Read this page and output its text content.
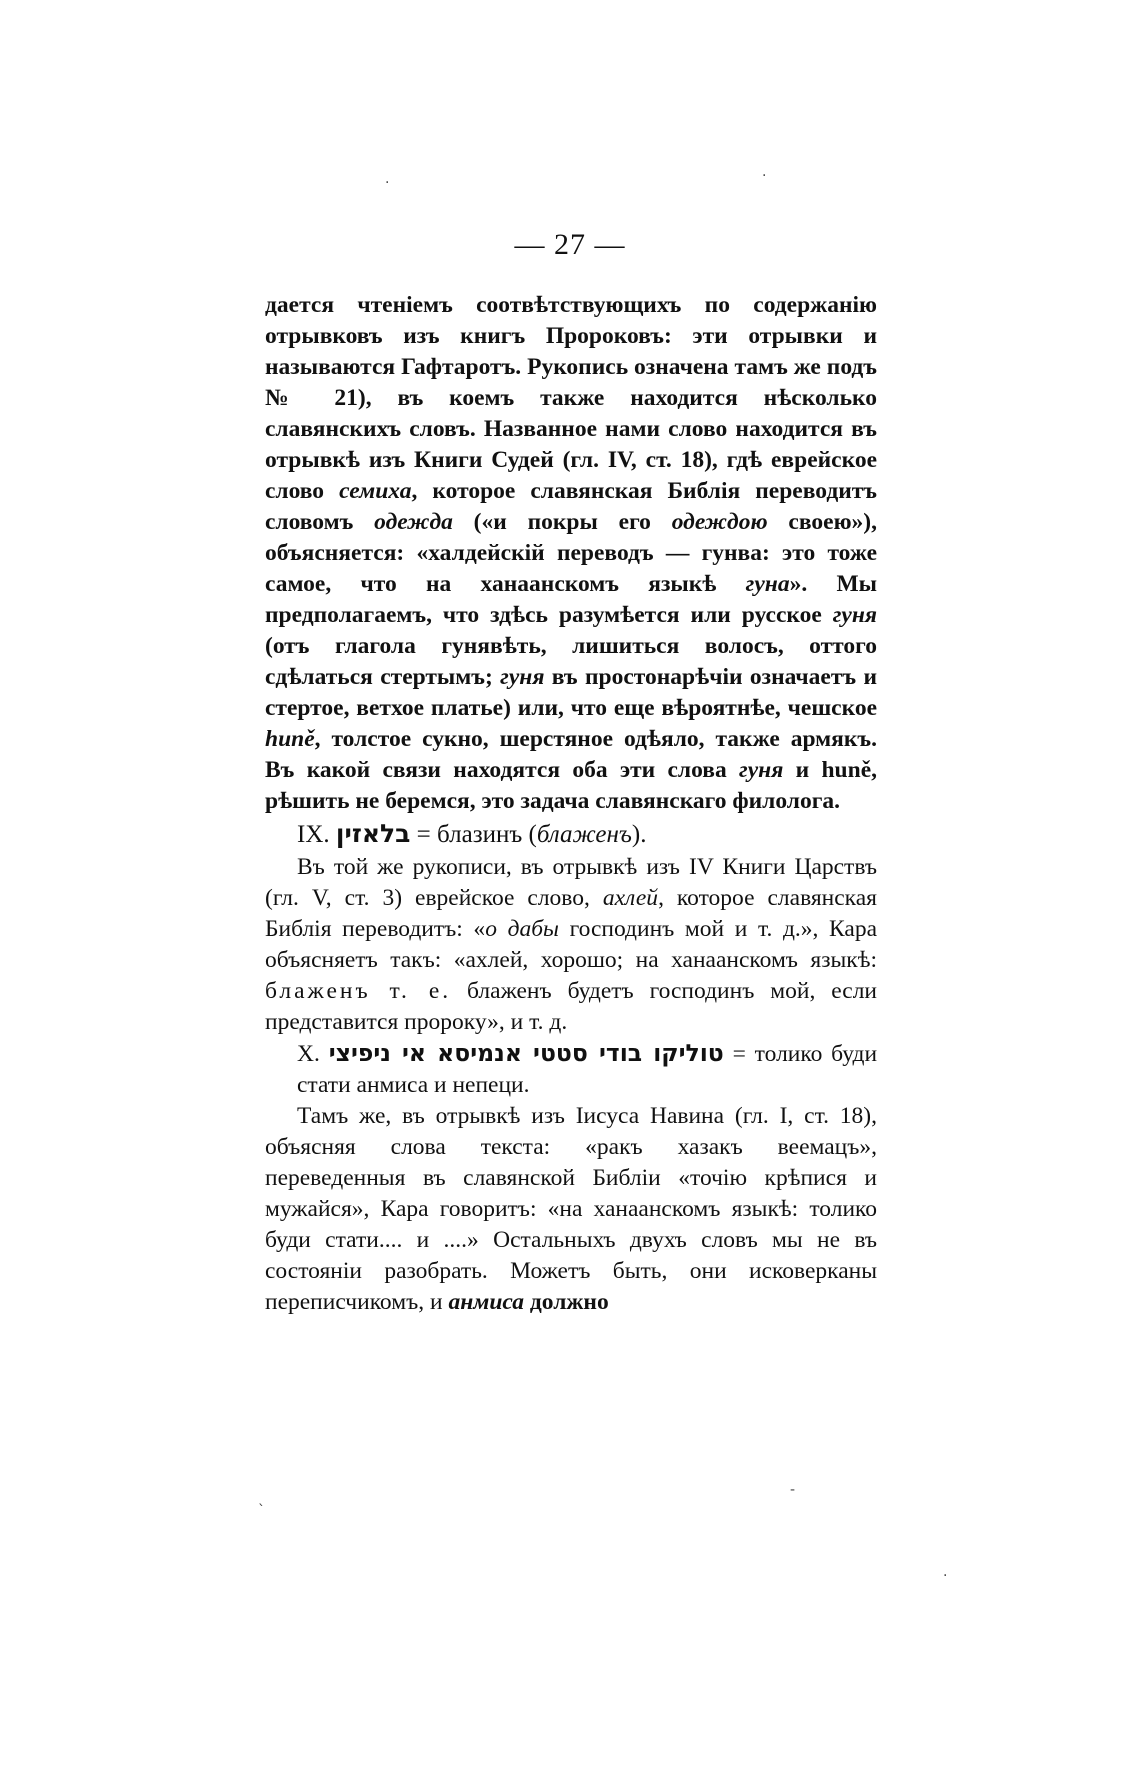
·	·
ˋ
-
·
— 27 —

дается чтеніемъ соотвѣтствующихъ по содержанію отрывковъ изъ книгъ Пророковъ: эти отрывки и называются Гафтаротъ. Рукопись означена тамъ же подъ № 21), въ коемъ также находится нѣсколько славянскихъ словъ. Названное нами слово находится въ отрывкѣ изъ Книги Судей (гл. IV, ст. 18), гдѣ еврейское слово семиха, которое славянская Библія переводитъ словомъ одежда («и покры его одеждою своею»), объясняется: «халдейскій переводъ — гунва: это тоже самое, что на ханаанскомъ языкѣ гуна». Мы предполагаемъ, что здѣсь разумѣется или русское гуня (отъ глагола гунявѣть, лишиться волосъ, оттого сдѣлаться стертымъ; гуня въ простонарѣчіи означаетъ и стертое, ветхое платье) или, что еще вѣроятнѣе, чешское huně, толстое сукно, шерстяное одѣяло, также армякъ. Въ какой связи находятся оба эти слова гуня и huně, рѣшить не беремся, это задача славянскаго филолога.

IX. בלאזין = блазинъ (блаженъ).

Въ той же рукописи, въ отрывкѣ изъ IV Книги Царствъ (гл. V, ст. 3) еврейское слово, ахлей, которое славянская Библія переводитъ: «о дабы господинъ мой и т. д.», Кара объясняетъ такъ: «ахлей, хорошо; на ханаанскомъ языкѣ: блаженъ т. е. блаженъ будетъ господинъ мой, если представится пророку», и т. д.

X. טוליקו בודי סטטי אנמיסא אי ניפיצי = толико буди стати анмиса и непеци.

Тамъ же, въ отрывкѣ изъ Іисуса Навина (гл. I, ст. 18), объясняя слова текста: «ракъ хазакъ веемацъ», переведенныя въ славянской Библіи «точію крѣпися и мужайся», Кара говоритъ: «на ханаанскомъ языкѣ: толико буди стати.... и ....» Остальныхъ двухъ словъ мы не въ состояніи разобрать. Можетъ быть, они исковерканы переписчикомъ, и анмиса должно
